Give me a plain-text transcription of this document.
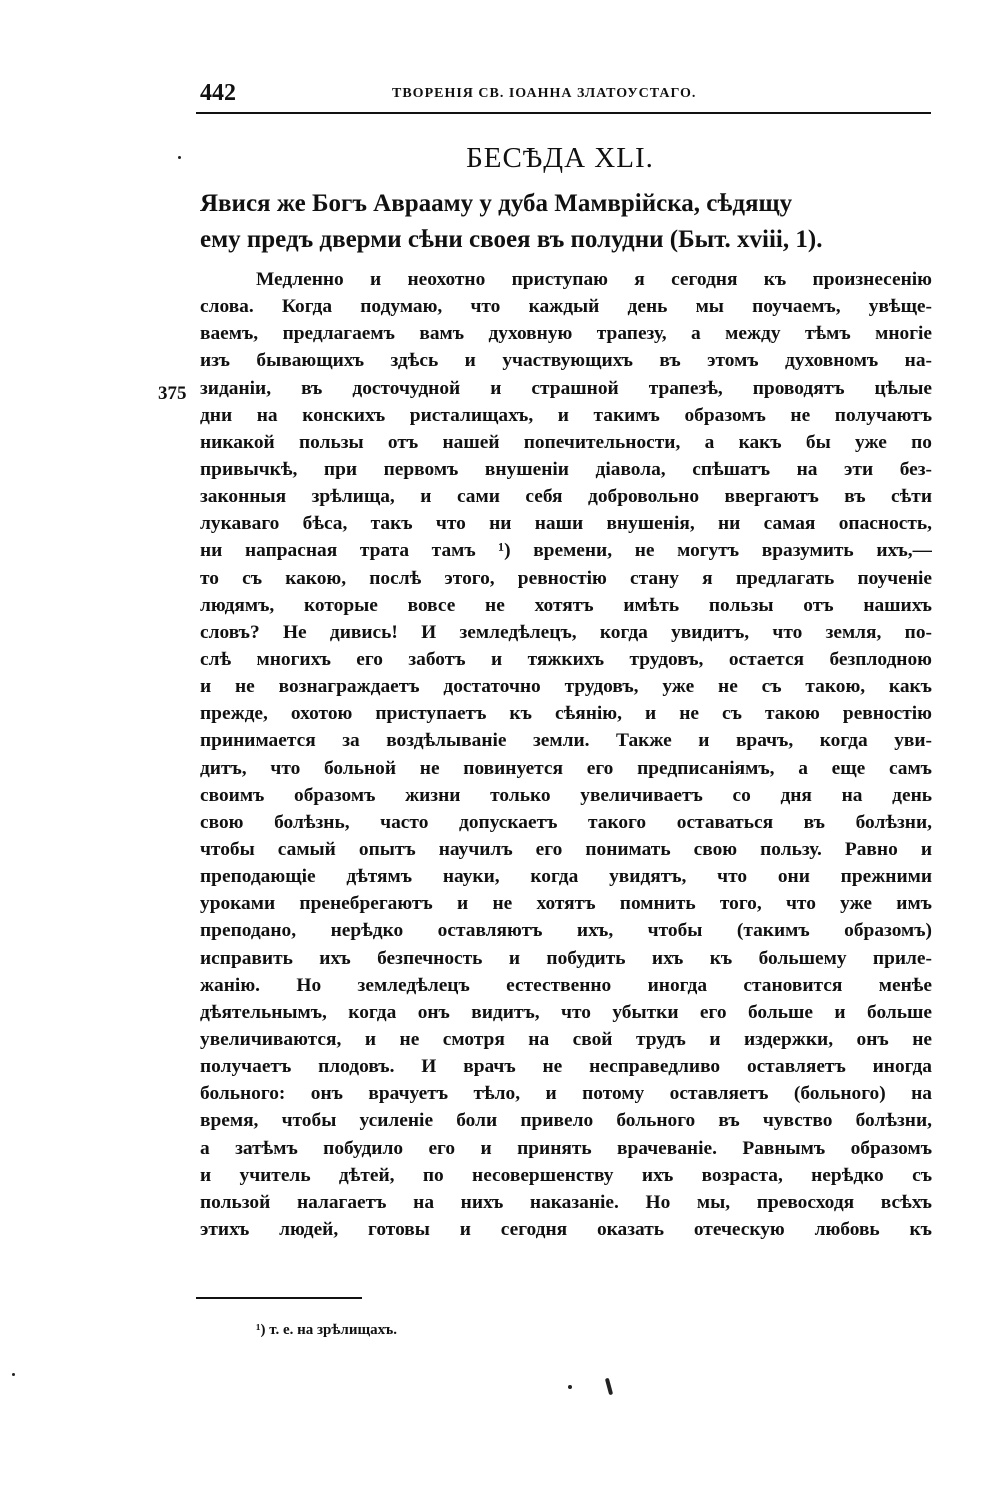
442	ТВОРЕНІЯ СВ. ІОАННА ЗЛАТОУСТАГО.
БЕСѢДА XLI.
Явися же Богъ Аврааму у дуба Мамврійска, сѣдящу
ему предъ дверми сѣни своея въ полудни (Быт. xviii, 1).
375
Медленно и неохотно приступаю я сегодня къ произнесенію
слова. Когда подумаю, что каждый день мы поучаемъ, увѣще-
ваемъ, предлагаемъ вамъ духовную трапезу, а между тѣмъ многіе
изъ бывающихъ здѣсь и участвующихъ въ этомъ духовномъ на-
зиданіи, въ досточудной и страшной трапезѣ, проводятъ цѣлые
дни на конскихъ ристалищахъ, и такимъ образомъ не получаютъ
никакой пользы отъ нашей попечительности, а какъ бы уже по
привычкѣ, при первомъ внушеніи діавола, спѣшатъ на эти без-
законныя зрѣлища, и сами себя добровольно ввергаютъ въ сѣти
лукаваго бѣса, такъ что ни наши внушенія, ни самая опасность,
ни напрасная трата тамъ ¹) времени, не могутъ вразумить ихъ,—
то съ какою, послѣ этого, ревностію стану я предлагать поученіе
людямъ, которые вовсе не хотятъ имѣть пользы отъ нашихъ
словъ? Не дивись! И земледѣлецъ, когда увидитъ, что земля, по-
слѣ многихъ его заботъ и тяжкихъ трудовъ, остается безплодною
и не вознаграждаетъ достаточно трудовъ, уже не съ такою, какъ
прежде, охотою приступаетъ къ сѣянію, и не съ такою ревностію
принимается за воздѣлываніе земли. Также и врачъ, когда уви-
дитъ, что больной не повинуется его предписаніямъ, а еще самъ
своимъ образомъ жизни только увеличиваетъ со дня на день
свою болѣзнь, часто допускаетъ такого оставаться въ болѣзни,
чтобы самый опытъ научилъ его понимать свою пользу. Равно и
преподающіе дѣтямъ науки, когда увидятъ, что они прежними
уроками пренебрегаютъ и не хотятъ помнить того, что уже имъ
преподано, нерѣдко оставляютъ ихъ, чтобы (такимъ образомъ)
исправить ихъ безпечность и побудить ихъ къ большему приле-
жанію. Но земледѣлецъ естественно иногда становится менѣе
дѣятельнымъ, когда онъ видитъ, что убытки его больше и больше
увеличиваются, и не смотря на свой трудъ и издержки, онъ не
получаетъ плодовъ. И врачъ не несправедливо оставляетъ иногда
больного: онъ врачуетъ тѣло, и потому оставляетъ (больного) на
время, чтобы усиленіе боли привело больного въ чувство болѣзни,
а затѣмъ побудило его и принять врачеваніе. Равнымъ образомъ
и учитель дѣтей, по несовершенству ихъ возраста, нерѣдко съ
пользой налагаетъ на нихъ наказаніе. Но мы, превосходя всѣхъ
этихъ людей, готовы и сегодня оказать отеческую любовь къ
¹) т. е. на зрѣлищахъ.
